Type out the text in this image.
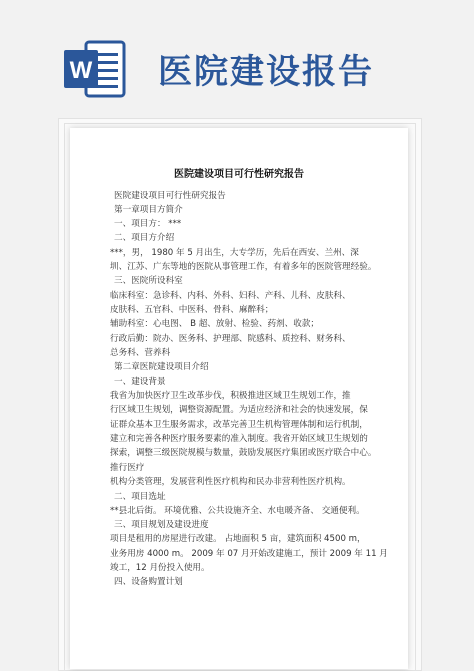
W 医院建设报告
医院建设项目可行性研究报告
医院建设项目可行性研究报告
第一章项目方简介
一、项目方： ***
二、项目方介绍
***，男， 1980 年 5 月出生，大专学历，先后在西安、兰州、深
圳、江苏、广东等地的医院从事管理工作，有着多年的医院管理经验。
三、医院所设科室
临床科室：急诊科、内科、外科、妇科、产科、儿科、皮肤科、
皮肤科、五官科、中医科、骨科、麻醉科；
辅助科室：心电图、 B 超、放射、检验、药剂、收款；
行政后勤：院办、医务科、护理部、院感科、质控科、财务科、
总务科、营养科
第二章医院建设项目介绍
一、建设背景
我省为加快医疗卫生改革步伐，积极推进区域卫生规划工作，推
行区域卫生规划，调整资源配置。为适应经济和社会的快速发展，保
证群众基本卫生服务需求，改革完善卫生机构管理体制和运行机制，
建立和完善各种医疗服务要素的准入制度。我省开始区域卫生规划的
探索，调整三级医院规模与数量，鼓励发展医疗集团或医疗联合中心。
推行医疗
机构分类管理，发展营利性医疗机构和民办非营利性医疗机构。
二、项目选址
**县北后街。 环境优雅、公共设施齐全、水电暖齐备、 交通便利。
三、项目规划及建设进度
项目是租用的房屋进行改建。 占地面积 5 亩，建筑面积 4500 m，
业务用房 4000 m。 2009 年 07 月开始改建施工，预计 2009 年 11 月
竣工，12 月份投入使用。
四、设备购置计划
